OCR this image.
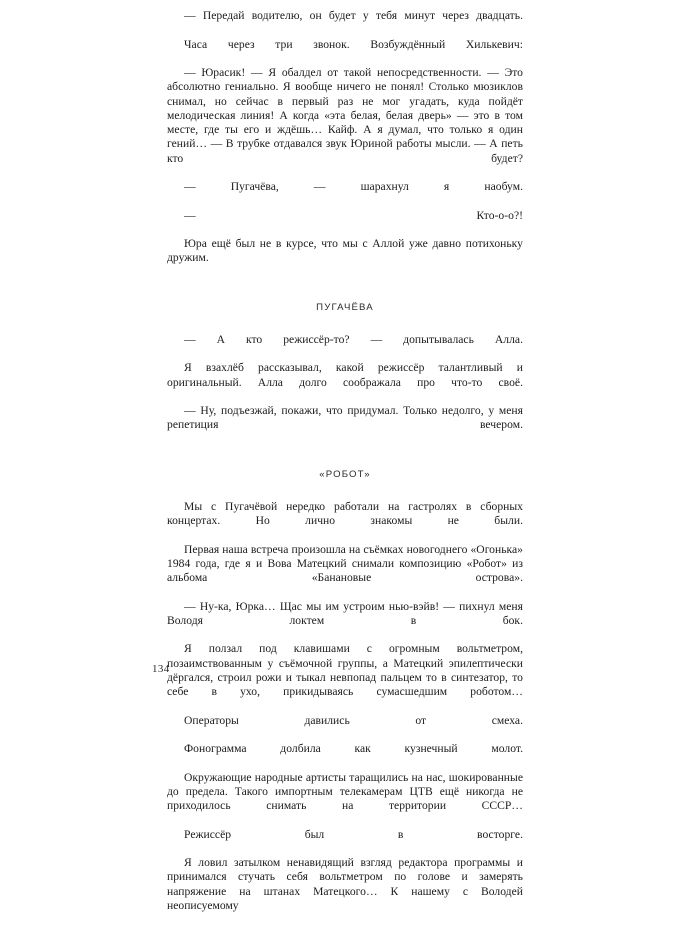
— Передай водителю, он будет у тебя минут через двадцать.

Часа через три звонок. Возбуждённый Хилькевич:

— Юрасик! — Я обалдел от такой непосредственности. — Это абсолютно гениально. Я вообще ничего не понял! Столько мюзиклов снимал, но сейчас в первый раз не мог угадать, куда пойдёт мелодическая линия! А когда «эта белая, белая дверь» — это в том месте, где ты его и ждёшь… Кайф. А я думал, что только я один гений… — В трубке отдавался звук Юриной работы мысли. — А петь кто будет?

— Пугачёва, — шарахнул я наобум.

— Кто-о-о?!

Юра ещё был не в курсе, что мы с Аллой уже давно потихоньку дружим.

ПУГАЧЁВА

— А кто режиссёр-то? — допытывалась Алла.

Я взахлёб рассказывал, какой режиссёр талантливый и оригинальный. Алла долго соображала про что-то своё.

— Ну, подъезжай, покажи, что придумал. Только недолго, у меня репетиция вечером.

«РОБОТ»

Мы с Пугачёвой нередко работали на гастролях в сборных концертах. Но лично знакомы не были.

Первая наша встреча произошла на съёмках новогоднего «Огонька» 1984 года, где я и Вова Матецкий снимали композицию «Робот» из альбома «Банановые острова».

— Ну-ка, Юрка… Щас мы им устроим нью-вэйв! — пихнул меня Володя локтем в бок.

Я ползал под клавишами с огромным вольтметром, позаимствованным у съёмочной группы, а Матецкий эпилептически дёргался, строил рожи и тыкал невпопад пальцем то в синтезатор, то себе в ухо, прикидываясь сумасшедшим роботом…

Операторы давились от смеха.

Фонограмма долбила как кузнечный молот.

Окружающие народные артисты таращились на нас, шокированные до предела. Такого импортным телекамерам ЦТВ ещё никогда не приходилось снимать на территории СССР…

Режиссёр был в восторге.

Я ловил затылком ненавидящий взгляд редактора программы и принимался стучать себя вольтметром по голове и замерять напряжение на штанах Матецкого… К нашему с Володей неописуемому

134
